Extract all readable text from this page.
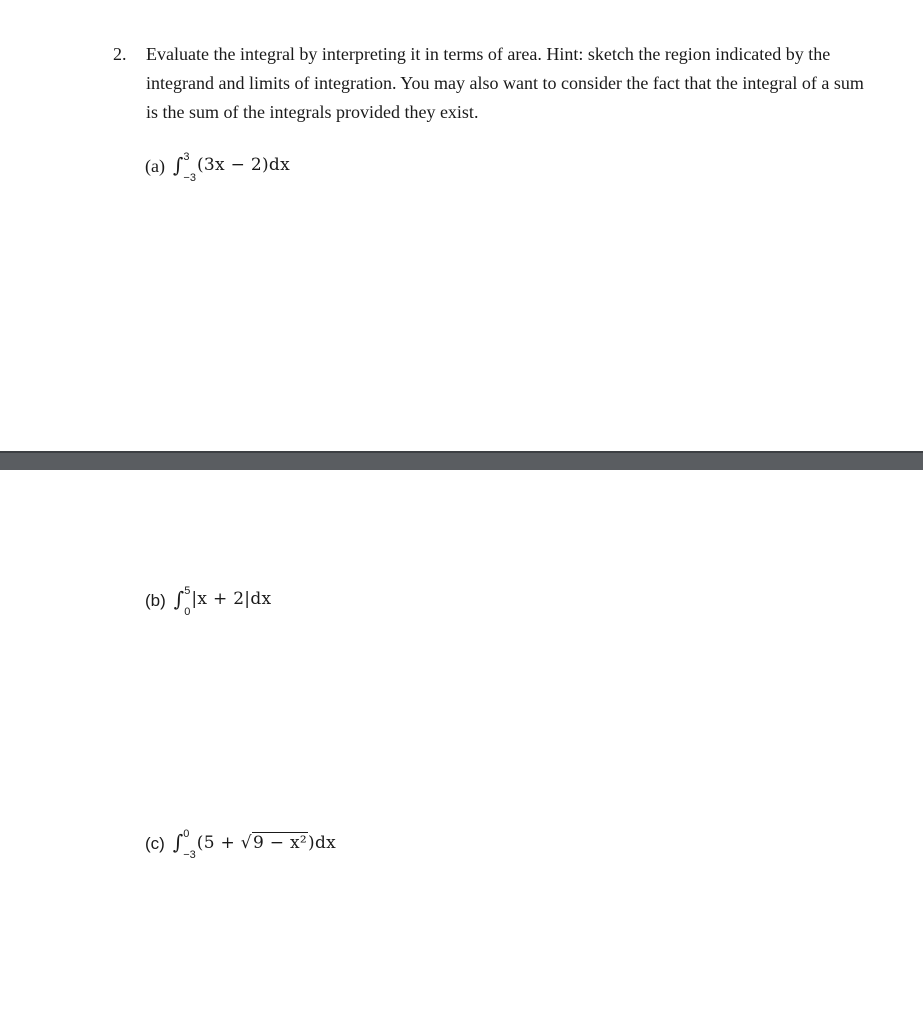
2. Evaluate the integral by interpreting it in terms of area. Hint: sketch the region indicated by the integrand and limits of integration. You may also want to consider the fact that the integral of a sum is the sum of the integrals provided they exist.
(a) ∫ 3
−3
(3x − 2)dx
(b) ∫ 5
0
|x + 2|dx
(c) ∫ 0
−3
(5 + √ 9 − x² )dx
